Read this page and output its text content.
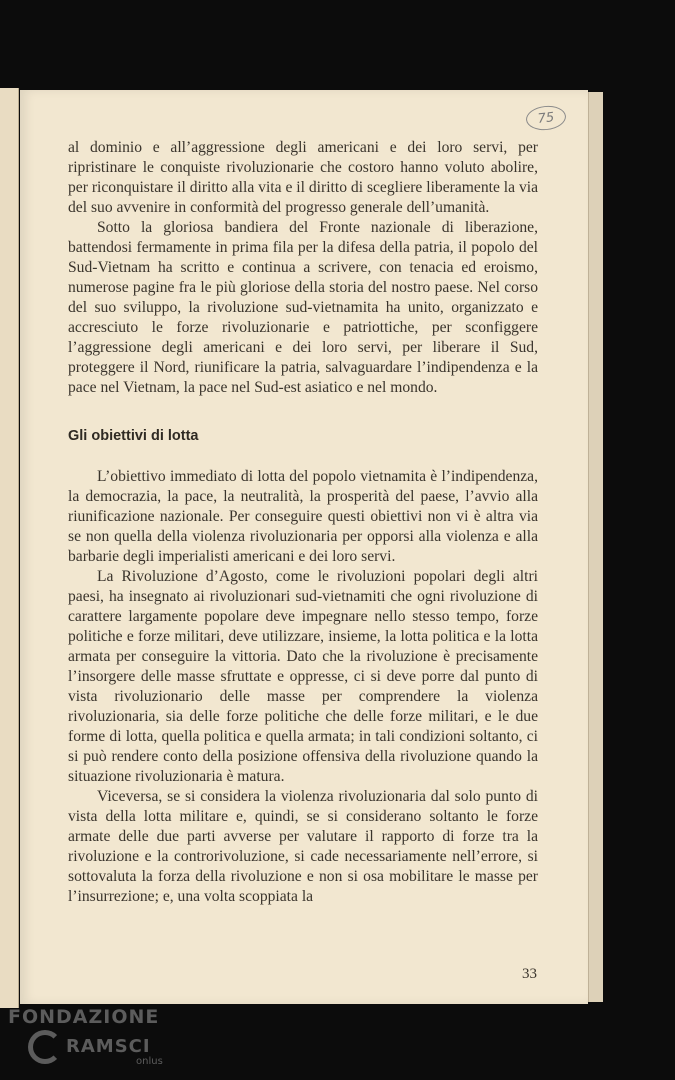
75

al dominio e all’aggressione degli americani e dei loro servi, per ripristinare le conquiste rivoluzionarie che costoro hanno voluto abolire, per riconquistare il diritto alla vita e il diritto di scegliere liberamente la via del suo avvenire in conformità del progresso generale dell’umanità.

Sotto la gloriosa bandiera del Fronte nazionale di liberazione, battendosi fermamente in prima fila per la difesa della patria, il popolo del Sud-Vietnam ha scritto e continua a scrivere, con tenacia ed eroismo, numerose pagine fra le più gloriose della storia del nostro paese. Nel corso del suo sviluppo, la rivoluzione sud-vietnamita ha unito, organizzato e accresciuto le forze rivoluzionarie e patriottiche, per sconfiggere l’aggressione degli americani e dei loro servi, per liberare il Sud, proteggere il Nord, riunificare la patria, salvaguardare l’indipendenza e la pace nel Vietnam, la pace nel Sud-est asiatico e nel mondo.

Gli obiettivi di lotta

L’obiettivo immediato di lotta del popolo vietnamita è l’indipendenza, la democrazia, la pace, la neutralità, la prosperità del paese, l’avvio alla riunificazione nazionale. Per conseguire questi obiettivi non vi è altra via se non quella della violenza rivoluzionaria per opporsi alla violenza e alla barbarie degli imperialisti americani e dei loro servi.

La Rivoluzione d’Agosto, come le rivoluzioni popolari degli altri paesi, ha insegnato ai rivoluzionari sud-vietnamiti che ogni rivoluzione di carattere largamente popolare deve impegnare nello stesso tempo, forze politiche e forze militari, deve utilizzare, insieme, la lotta politica e la lotta armata per conseguire la vittoria. Dato che la rivoluzione è precisamente l’insorgere delle masse sfruttate e oppresse, ci si deve porre dal punto di vista rivoluzionario delle masse per comprendere la violenza rivoluzionaria, sia delle forze politiche che delle forze militari, e le due forme di lotta, quella politica e quella armata; in tali condizioni soltanto, ci si può rendere conto della posizione offensiva della rivoluzione quando la situazione rivoluzionaria è matura.

Viceversa, se si considera la violenza rivoluzionaria dal solo punto di vista della lotta militare e, quindi, se si considerano soltanto le forze armate delle due parti avverse per valutare il rapporto di forze tra la rivoluzione e la controrivoluzione, si cade necessariamente nell’errore, si sottovaluta la forza della rivoluzione e non si osa mobilitare le masse per l’insurrezione; e, una volta scoppiata la

33
FONDAZIONE
RAMSCI
onlus
